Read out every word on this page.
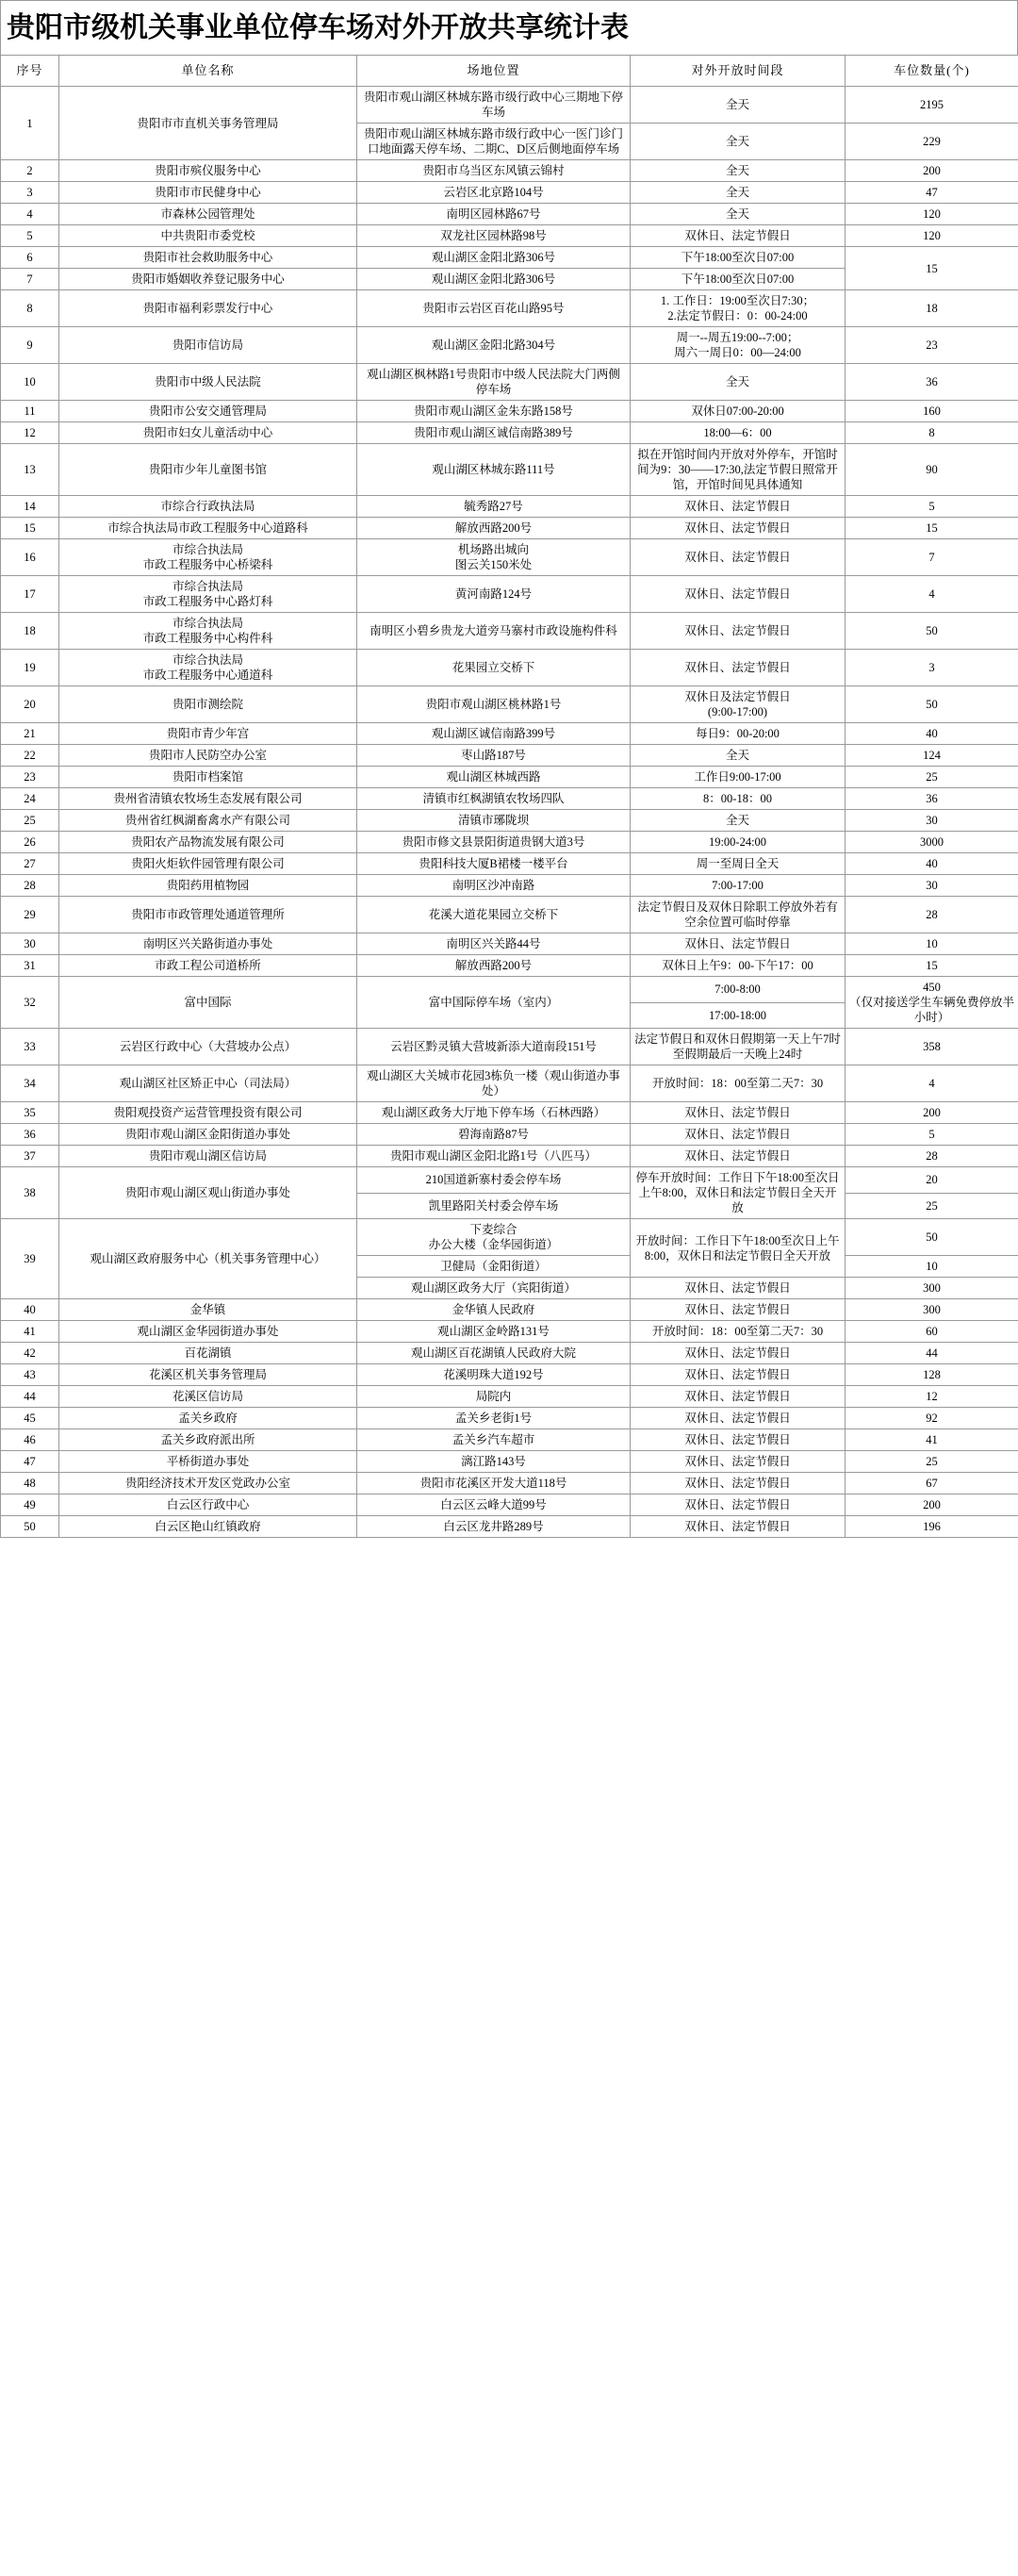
贵阳市级机关事业单位停车场对外开放共享统计表
序号	单位名称	场地位置	对外开放时间段	车位数量(个)
1	贵阳市市直机关事务管理局	贵阳市观山湖区林城东路市级行政中心三期地下停车场	全天	2195
		贵阳市观山湖区林城东路市级行政中心一医门诊门口地面露天停车场、二期C、D区后侧地面停车场	全天	229
2	贵阳市殡仪服务中心	贵阳市乌当区东风镇云锦村	全天	200
3	贵阳市市民健身中心	云岩区北京路104号	全天	47
4	市森林公园管理处	南明区园林路67号	全天	120
5	中共贵阳市委党校	双龙社区园林路98号	双休日、法定节假日	120
6	贵阳市社会救助服务中心	观山湖区金阳北路306号	下午18:00至次日07:00	15
7	贵阳市婚姻收养登记服务中心	观山湖区金阳北路306号	下午18:00至次日07:00	
8	贵阳市福利彩票发行中心	贵阳市云岩区百花山路95号	1. 工作日：19:00至次日7:30；
2.法定节假日：0：00-24:00	18
9	贵阳市信访局	观山湖区金阳北路304号	周一--周五19:00--7:00；
周六一周日0：00—24:00	23
10	贵阳市中级人民法院	观山湖区枫林路1号贵阳市中级人民法院大门两侧停车场	全天	36
11	贵阳市公安交通管理局	贵阳市观山湖区金朱东路158号	双休日07:00-20:00	160
12	贵阳市妇女儿童活动中心	贵阳市观山湖区诚信南路389号	18:00—6：00	8
13	贵阳市少年儿童图书馆	观山湖区林城东路111号	拟在开馆时间内开放对外停车，开馆时间为9：30——17:30,法定节假日照常开馆，开馆时间见具体通知	90
14	市综合行政执法局	毓秀路27号	双休日、法定节假日	5
15	市综合执法局市政工程服务中心道路科	解放西路200号	双休日、法定节假日	15
16	市综合执法局
市政工程服务中心桥梁科	机场路出城向
图云关150米处	双休日、法定节假日	7
17	市综合执法局
市政工程服务中心路灯科	黄河南路124号	双休日、法定节假日	4
18	市综合执法局
市政工程服务中心构件科	南明区小碧乡贵龙大道旁马寨村市政设施构件科	双休日、法定节假日	50
19	市综合执法局
市政工程服务中心通道科	花果园立交桥下	双休日、法定节假日	3
20	贵阳市测绘院	贵阳市观山湖区桃林路1号	双休日及法定节假日
(9:00-17:00)	50
21	贵阳市青少年宫	观山湖区诚信南路399号	每日9：00-20:00	40
22	贵阳市人民防空办公室	枣山路187号	全天	124
23	贵阳市档案馆	观山湖区林城西路	工作日9:00-17:00	25
24	贵州省清镇农牧场生态发展有限公司	清镇市红枫湖镇农牧场四队	8：00-18：00	36
25	贵州省红枫湖畜禽水产有限公司	清镇市琊陇坝	全天	30
26	贵阳农产品物流发展有限公司	贵阳市修文县景阳街道贵钢大道3号	19:00-24:00	3000
27	贵阳火炬软件园管理有限公司	贵阳科技大厦B裙楼一楼平台	周一至周日全天	40
28	贵阳药用植物园	南明区沙冲南路	7:00-17:00	30
29	贵阳市市政管理处通道管理所	花溪大道花果园立交桥下	法定节假日及双休日除职工停放外若有空余位置可临时停靠	28
30	南明区兴关路街道办事处	南明区兴关路44号	双休日、法定节假日	10
31	市政工程公司道桥所	解放西路200号	双休日上午9：00-下午17：00	15
32	富中国际	富中国际停车场（室内）	7:00-8:00	450
（仅对接送学生车辆免费停放半小时）
			17:00-18:00	
33	云岩区行政中心（大营坡办公点）	云岩区黔灵镇大营坡新添大道南段151号	法定节假日和双休日假期第一天上午7时至假期最后一天晚上24时	358
34	观山湖区社区矫正中心（司法局）	观山湖区大关城市花园3栋负一楼（观山街道办事处）	开放时间：18：00至第二天7：30	4
35	贵阳观投资产运营管理投资有限公司	观山湖区政务大厅地下停车场（石林西路）	双休日、法定节假日	200
36	贵阳市观山湖区金阳街道办事处	碧海南路87号	双休日、法定节假日	5
37	贵阳市观山湖区信访局	贵阳市观山湖区金阳北路1号（八匹马）	双休日、法定节假日	28
38	贵阳市观山湖区观山街道办事处	210国道新寨村委会停车场	停车开放时间：工作日下午18:00至次日上午8:00，双休日和法定节假日全天开放	20
		凯里路阳关村委会停车场		25
39	观山湖区政府服务中心（机关事务管理中心）	下麦综合
办公大楼（金华园街道）	开放时间：工作日下午18:00至次日上午8:00，双休日和法定节假日全天开放	50
		卫健局（金阳街道）		10
		观山湖区政务大厅（宾阳街道）	双休日、法定节假日	300
40	金华镇	金华镇人民政府	双休日、法定节假日	300
41	观山湖区金华园街道办事处	观山湖区金岭路131号	开放时间：18：00至第二天7：30	60
42	百花湖镇	观山湖区百花湖镇人民政府大院	双休日、法定节假日	44
43	花溪区机关事务管理局	花溪明珠大道192号	双休日、法定节假日	128
44	花溪区信访局	局院内	双休日、法定节假日	12
45	孟关乡政府	孟关乡老街1号	双休日、法定节假日	92
46	孟关乡政府派出所	孟关乡汽车超市	双休日、法定节假日	41
47	平桥街道办事处	漓江路143号	双休日、法定节假日	25
48	贵阳经济技术开发区党政办公室	贵阳市花溪区开发大道118号	双休日、法定节假日	67
49	白云区行政中心	白云区云峰大道99号	双休日、法定节假日	200
50	白云区艳山红镇政府	白云区龙井路289号	双休日、法定节假日	196
